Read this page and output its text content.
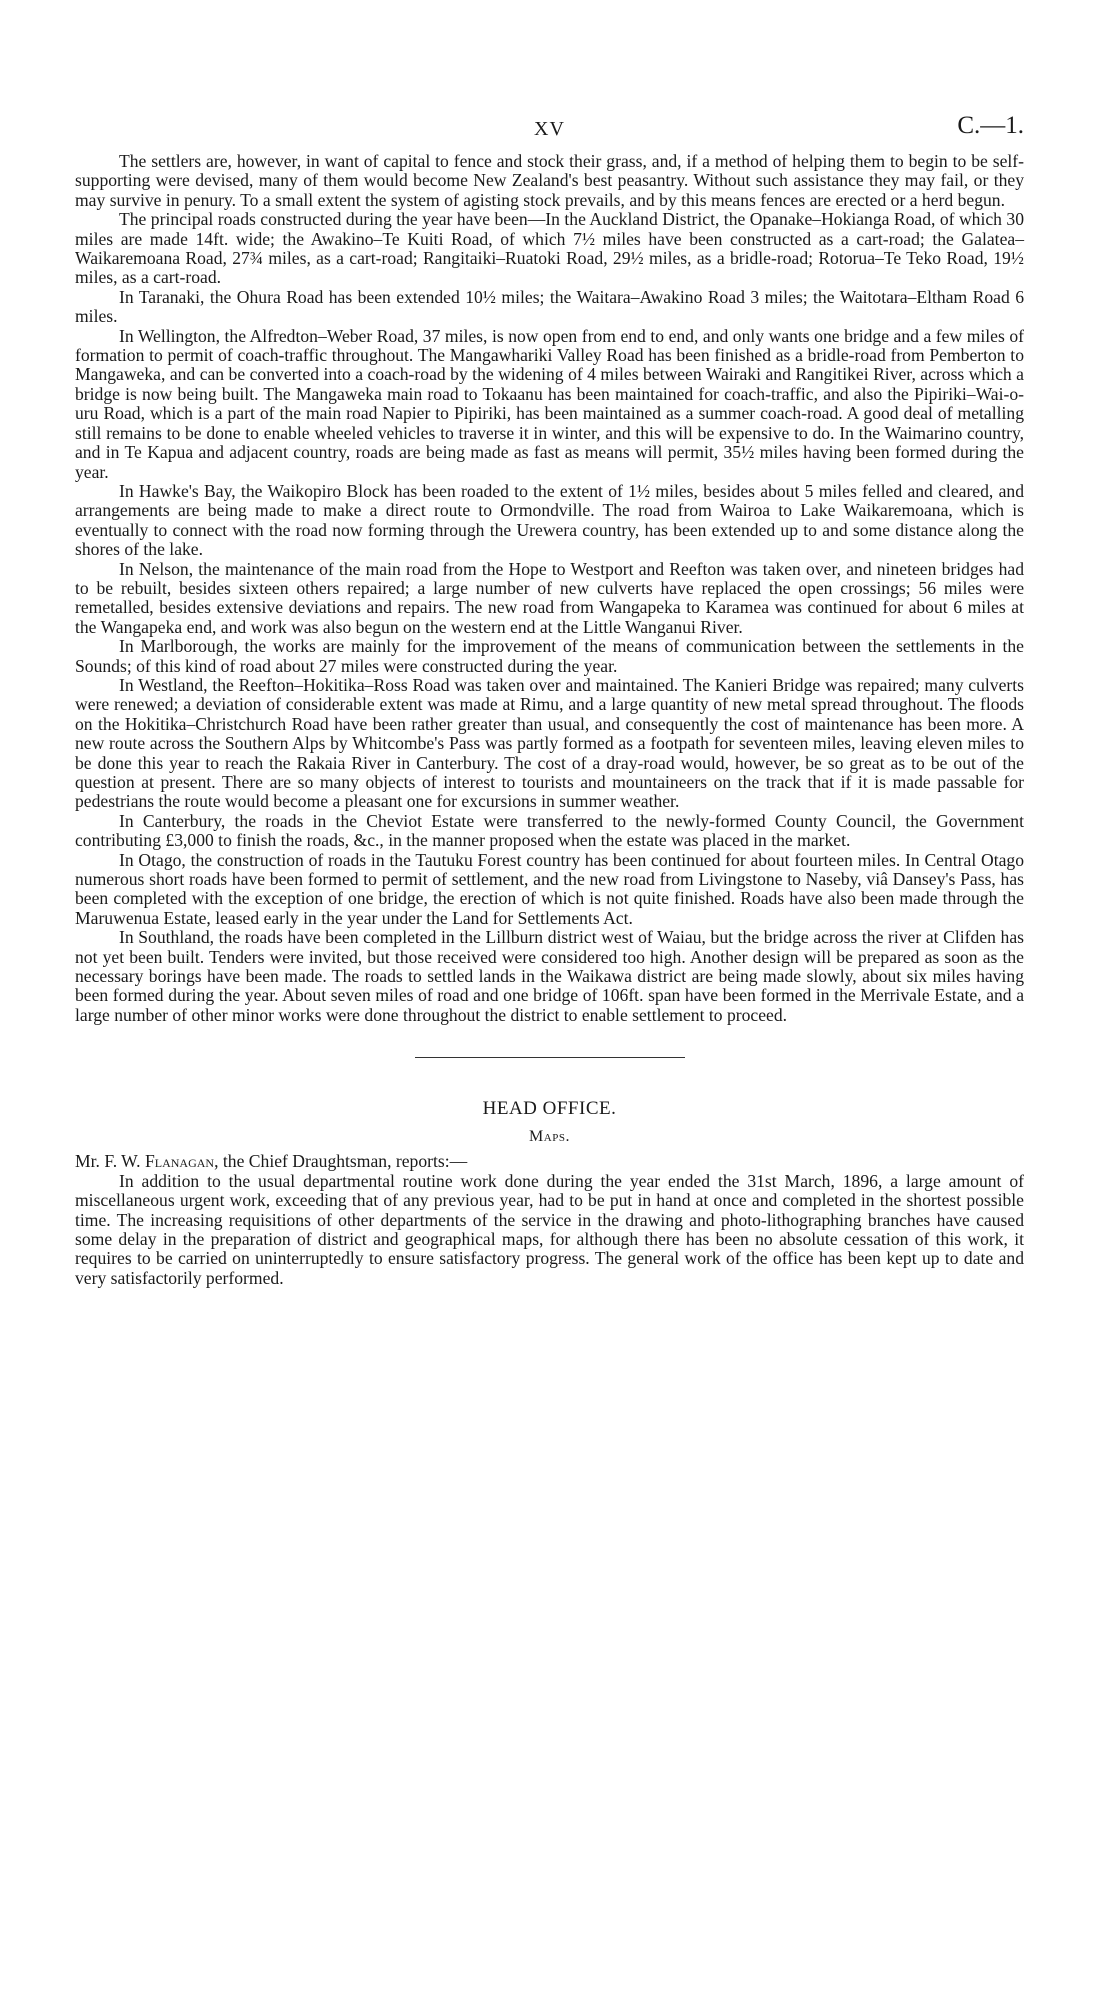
XV	C.—1.

The settlers are, however, in want of capital to fence and stock their grass, and, if a method of helping them to begin to be self-supporting were devised, many of them would become New Zealand's best peasantry. Without such assistance they may fail, or they may survive in penury. To a small extent the system of agisting stock prevails, and by this means fences are erected or a herd begun.

The principal roads constructed during the year have been—In the Auckland District, the Opanake–Hokianga Road, of which 30 miles are made 14ft. wide; the Awakino–Te Kuiti Road, of which 7½ miles have been constructed as a cart-road; the Galatea–Waikaremoana Road, 27¾ miles, as a cart-road; Rangitaiki–Ruatoki Road, 29½ miles, as a bridle-road; Rotorua–Te Teko Road, 19½ miles, as a cart-road.

In Taranaki, the Ohura Road has been extended 10½ miles; the Waitara–Awakino Road 3 miles; the Waitotara–Eltham Road 6 miles.

In Wellington, the Alfredton–Weber Road, 37 miles, is now open from end to end, and only wants one bridge and a few miles of formation to permit of coach-traffic throughout. The Mangawhariki Valley Road has been finished as a bridle-road from Pemberton to Mangaweka, and can be converted into a coach-road by the widening of 4 miles between Wairaki and Rangitikei River, across which a bridge is now being built. The Mangaweka main road to Tokaanu has been maintained for coach-traffic, and also the Pipiriki–Wai-o-uru Road, which is a part of the main road Napier to Pipiriki, has been maintained as a summer coach-road. A good deal of metalling still remains to be done to enable wheeled vehicles to traverse it in winter, and this will be expensive to do. In the Waimarino country, and in Te Kapua and adjacent country, roads are being made as fast as means will permit, 35½ miles having been formed during the year.

In Hawke's Bay, the Waikopiro Block has been roaded to the extent of 1½ miles, besides about 5 miles felled and cleared, and arrangements are being made to make a direct route to Ormondville. The road from Wairoa to Lake Waikaremoana, which is eventually to connect with the road now forming through the Urewera country, has been extended up to and some distance along the shores of the lake.

In Nelson, the maintenance of the main road from the Hope to Westport and Reefton was taken over, and nineteen bridges had to be rebuilt, besides sixteen others repaired; a large number of new culverts have replaced the open crossings; 56 miles were remetalled, besides extensive deviations and repairs. The new road from Wangapeka to Karamea was continued for about 6 miles at the Wangapeka end, and work was also begun on the western end at the Little Wanganui River.

In Marlborough, the works are mainly for the improvement of the means of communication between the settlements in the Sounds; of this kind of road about 27 miles were constructed during the year.

In Westland, the Reefton–Hokitika–Ross Road was taken over and maintained. The Kanieri Bridge was repaired; many culverts were renewed; a deviation of considerable extent was made at Rimu, and a large quantity of new metal spread throughout. The floods on the Hokitika–Christchurch Road have been rather greater than usual, and consequently the cost of maintenance has been more. A new route across the Southern Alps by Whitcombe's Pass was partly formed as a footpath for seventeen miles, leaving eleven miles to be done this year to reach the Rakaia River in Canterbury. The cost of a dray-road would, however, be so great as to be out of the question at present. There are so many objects of interest to tourists and mountaineers on the track that if it is made passable for pedestrians the route would become a pleasant one for excursions in summer weather.

In Canterbury, the roads in the Cheviot Estate were transferred to the newly-formed County Council, the Government contributing £3,000 to finish the roads, &c., in the manner proposed when the estate was placed in the market.

In Otago, the construction of roads in the Tautuku Forest country has been continued for about fourteen miles. In Central Otago numerous short roads have been formed to permit of settlement, and the new road from Livingstone to Naseby, viâ Dansey's Pass, has been completed with the exception of one bridge, the erection of which is not quite finished. Roads have also been made through the Maruwenua Estate, leased early in the year under the Land for Settlements Act.

In Southland, the roads have been completed in the Lillburn district west of Waiau, but the bridge across the river at Clifden has not yet been built. Tenders were invited, but those received were considered too high. Another design will be prepared as soon as the necessary borings have been made. The roads to settled lands in the Waikawa district are being made slowly, about six miles having been formed during the year. About seven miles of road and one bridge of 106ft. span have been formed in the Merrivale Estate, and a large number of other minor works were done throughout the district to enable settlement to proceed.

HEAD OFFICE.
Maps.
Mr. F. W. Flanagan, the Chief Draughtsman, reports:—

In addition to the usual departmental routine work done during the year ended the 31st March, 1896, a large amount of miscellaneous urgent work, exceeding that of any previous year, had to be put in hand at once and completed in the shortest possible time. The increasing requisitions of other departments of the service in the drawing and photo-lithographing branches have caused some delay in the preparation of district and geographical maps, for although there has been no absolute cessation of this work, it requires to be carried on uninterruptedly to ensure satisfactory progress. The general work of the office has been kept up to date and very satisfactorily performed.
